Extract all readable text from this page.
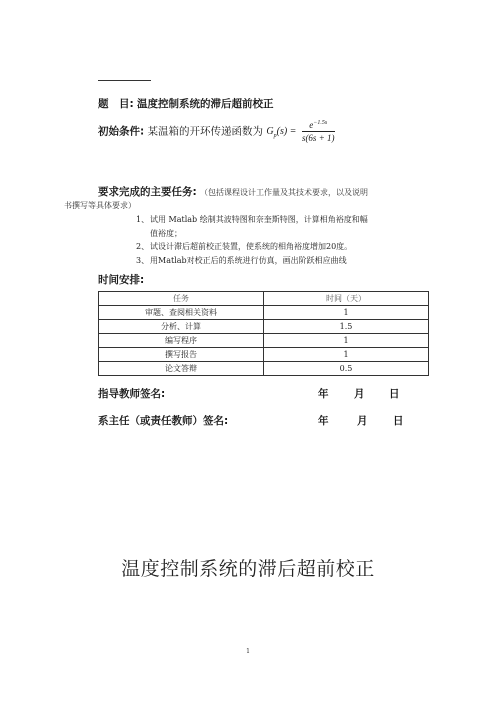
题　目: 温度控制系统的滞后超前校正
初始条件: 某温箱的开环传递函数为 $G_p(s) = \frac{e^{-1.5s}}{s(6s + 1)}$
要求完成的主要任务: （包括课程设计工作量及其技术要求，以及说明
书撰写等具体要求）
1、试用 Matlab 绘制其波特图和奈奎斯特图，计算相角裕度和幅
值裕度；
2、试设计滞后超前校正装置，使系统的相角裕度增加20度。
3、用Matlab对校正后的系统进行仿真，画出阶跃相应曲线
时间安排:
任务	时间（天）
审题、查阅相关资料	1
分析、计算	1.5
编写程序	1
撰写报告	1
论文答辩	0.5
指导教师签名:	年 月 日
系主任（或责任教师）签名:	年	月 日
温度控制系统的滞后超前校正
1
